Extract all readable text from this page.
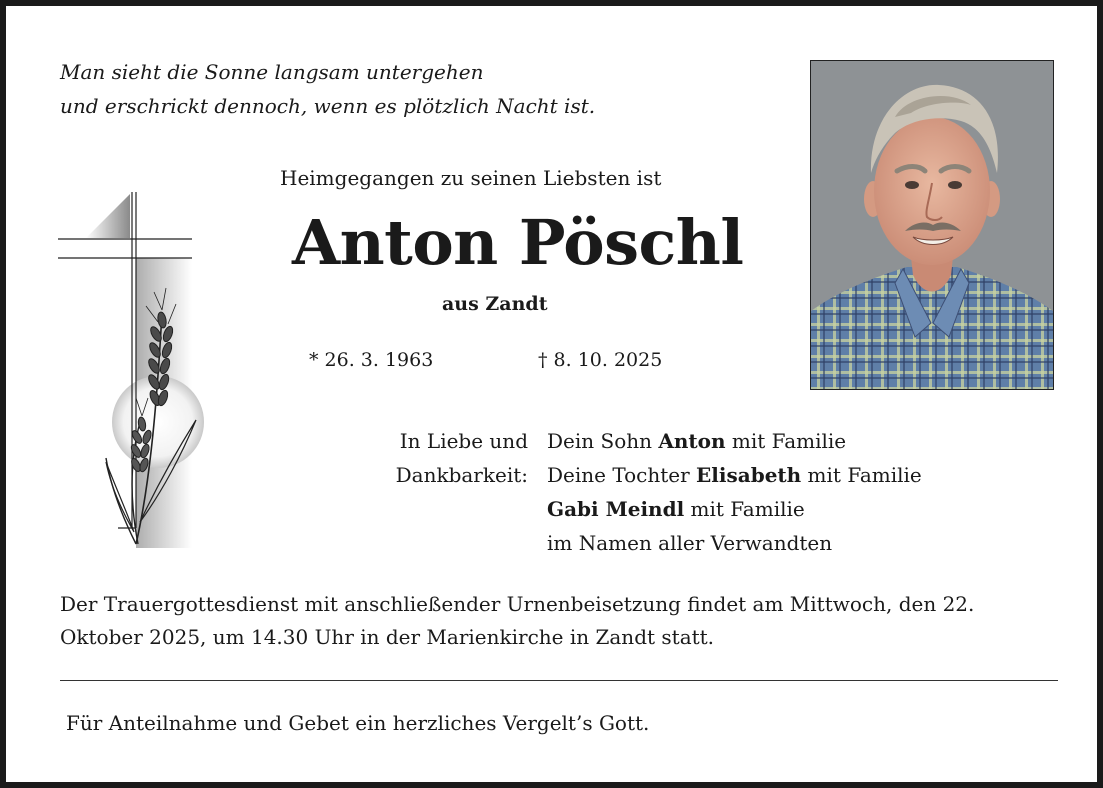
Man sieht die Sonne langsam untergehen
und erschrickt dennoch, wenn es plötzlich Nacht ist.
Heimgegangen zu seinen Liebsten ist
Anton Pöschl
aus Zandt
* 26. 3. 1963	† 8. 10. 2025
In Liebe und Dankbarkeit:
Dein Sohn Anton mit Familie
Deine Tochter Elisabeth mit Familie
Gabi Meindl mit Familie
im Namen aller Verwandten
Der Trauergottesdienst mit anschließender Urnenbeisetzung findet am Mittwoch, den 22. Oktober 2025, um 14.30 Uhr in der Marienkirche in Zandt statt.
Für Anteilnahme und Gebet ein herzliches Vergelt’s Gott.
